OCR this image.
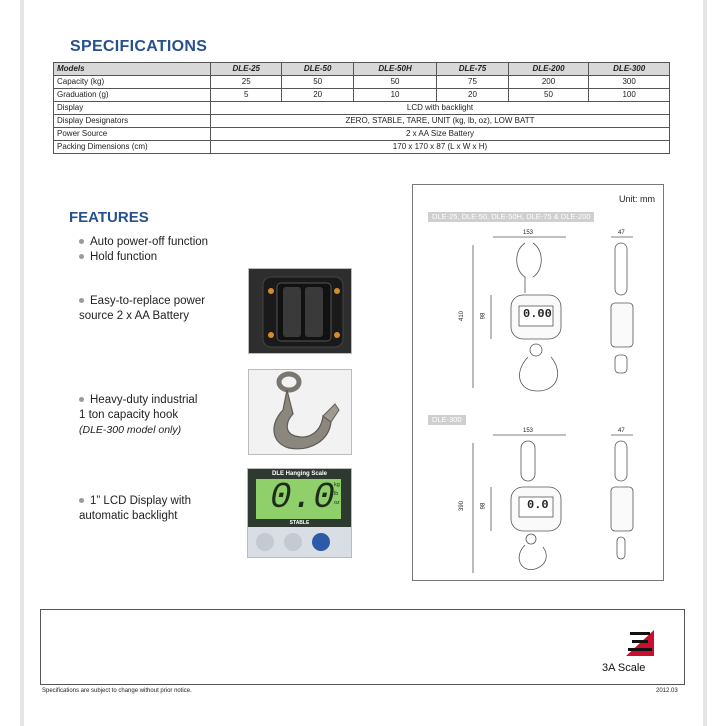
SPECIFICATIONS
Models	DLE-25	DLE-50	DLE-50H	DLE-75	DLE-200	DLE-300
Capacity (kg)	25	50	50	75	200	300
Graduation (g)	5	20	10	20	50	100
Display	LCD with backlight					
Display Designators	ZERO, STABLE, TARE, UNIT (kg, lb, oz), LOW BATT					
Power Source	2 x AA Size Battery					
Packing Dimensions (cm)	170 x 170 x 87 (L x W x H)					
FEATURES
Auto power-off function
Hold function
Easy-to-replace power
source 2 x AA Battery
Heavy-duty industrial
1 ton capacity hook
(DLE-300 model only)
1” LCD Display with
automatic backlight
DLE Hanging Scale
0.0 kg
lb
oz
STABLE
Unit: mm
DLE-25, DLE-50, DLE-50H, DLE-75 & DLE-200
DLE-300
153	47
410	98	0.00
153	47
390	98	0.0
3A Scale
Specifications are subject to change without prior notice.	2012.03
